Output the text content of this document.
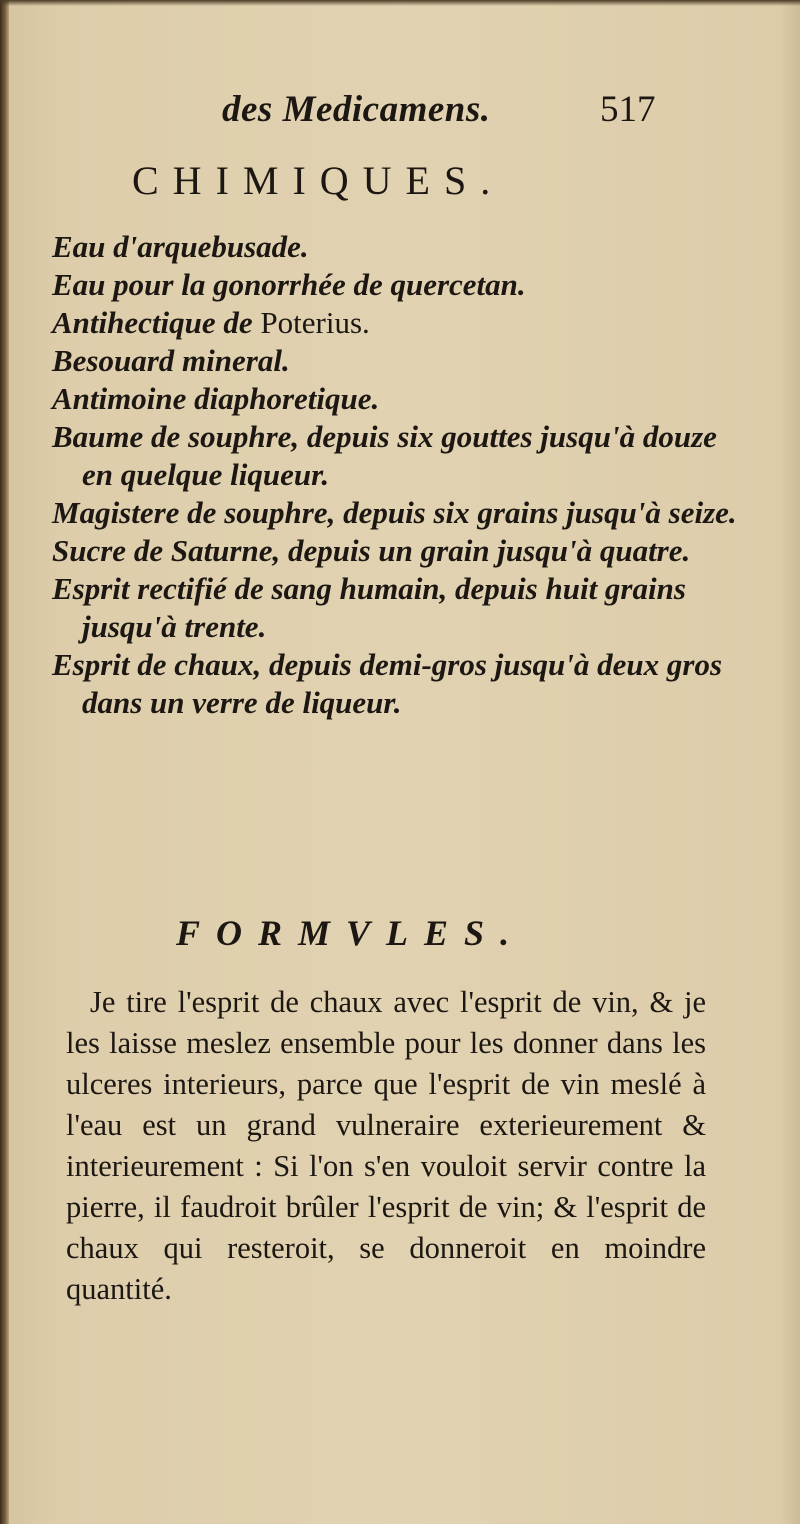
des Medicamens.	517
CHIMIQUES.
Eau d'arquebusade.
Eau pour la gonorrhée de quercetan.
Antihectique de Poterius.
Besouard mineral.
Antimoine diaphoretique.
Baume de souphre, depuis six gouttes jusqu'à douze en quelque liqueur.
Magistere de souphre, depuis six grains jusqu'à seize.
Sucre de Saturne, depuis un grain jusqu'à quatre.
Esprit rectifié de sang humain, depuis huit grains jusqu'à trente.
Esprit de chaux, depuis demi-gros jusqu'à deux gros dans un verre de liqueur.
FORMVLES.
Je tire l'esprit de chaux avec l'esprit de vin, & je les laisse meslez ensemble pour les donner dans les ulceres interieurs, parce que l'esprit de vin meslé à l'eau est un grand vulneraire exterieurement & interieurement : Si l'on s'en vouloit servir contre la pierre, il faudroit brûler l'esprit de vin; & l'esprit de chaux qui resteroit, se donneroit en moindre quantité.
